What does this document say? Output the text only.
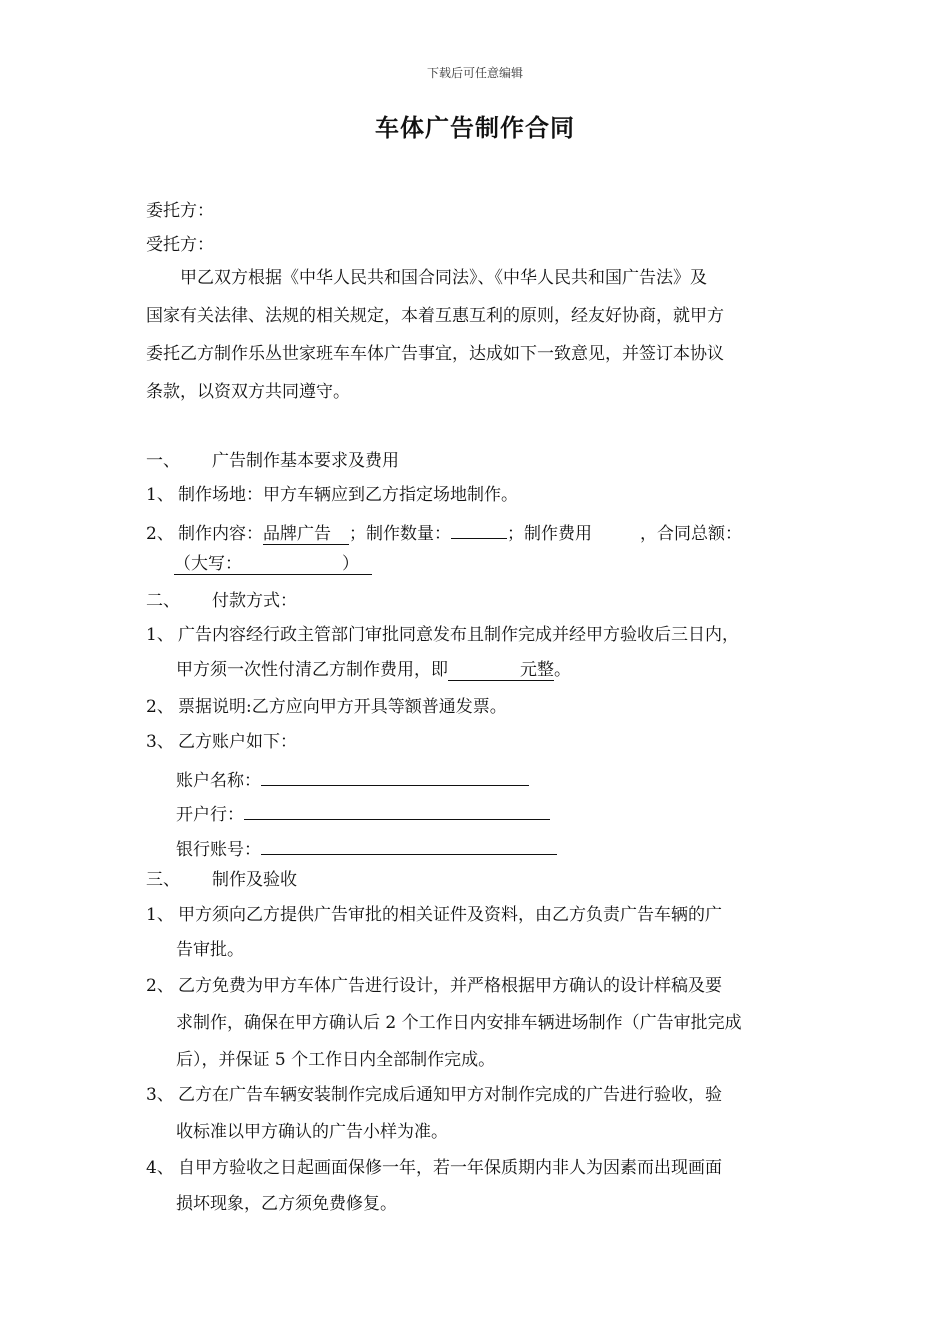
下载后可任意编辑
车体广告制作合同
委托方：
受托方：
　　甲乙双方根据《中华人民共和国合同法》、《中华人民共和国广告法》及
国家有关法律、法规的相关规定，本着互惠互利的原则，经友好协商，就甲方
委托乙方制作乐丛世家班车车体广告事宜，达成如下一致意见，并签订本协议
条款，以资双方共同遵守。
一、 广告制作基本要求及费用
1、 制作场地：甲方车辆应到乙方指定场地制作。
2、 制作内容：品牌广告 ；制作数量：	；制作费用	，合同总额：
（大写：	）
二、 付款方式：
1、 广告内容经行政主管部门审批同意发布且制作完成并经甲方验收后三日内，
甲方须一次性付清乙方制作费用，即	元整。
2、 票据说明:乙方应向甲方开具等额普通发票。
3、 乙方账户如下：
账户名称：
开户行：
银行账号：
三、 制作及验收
1、 甲方须向乙方提供广告审批的相关证件及资料，由乙方负责广告车辆的广
告审批。
2、 乙方免费为甲方车体广告进行设计，并严格根据甲方确认的设计样稿及要
求制作，确保在甲方确认后 2 个工作日内安排车辆进场制作（广告审批完成
后），并保证 5 个工作日内全部制作完成。
3、 乙方在广告车辆安装制作完成后通知甲方对制作完成的广告进行验收，验
收标准以甲方确认的广告小样为准。
4、 自甲方验收之日起画面保修一年，若一年保质期内非人为因素而出现画面
损坏现象，乙方须免费修复。
